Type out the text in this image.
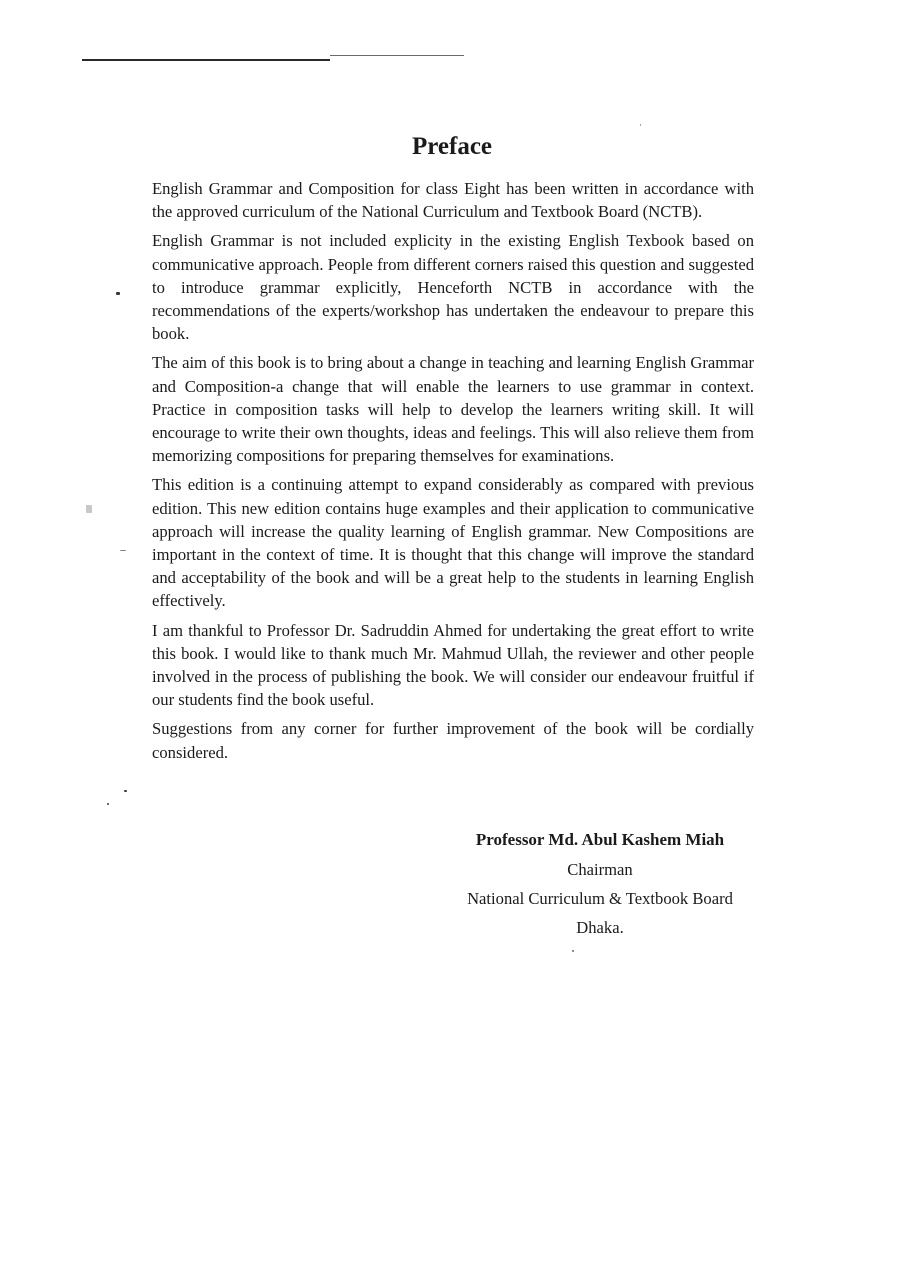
Preface

English Grammar and Composition for class Eight has been written in accordance with the approved curriculum of the National Curriculum and Textbook Board (NCTB).

English Grammar is not included explicity in the existing English Texbook based on communicative approach. People from different corners raised this question and suggested to introduce grammar explicitly, Henceforth NCTB in accordance with the recommendations of the experts/workshop has undertaken the endeavour to prepare this book.

The aim of this book is to bring about a change in teaching and learning English Grammar and Composition-a change that will enable the learners to use grammar in context. Practice in composition tasks will help to develop the learners writing skill. It will encourage to write their own thoughts, ideas and feelings. This will also relieve them from memorizing compositions for preparing themselves for examinations.

This edition is a continuing attempt to expand considerably as compared with previous edition. This new edition contains huge examples and their application to communicative approach will increase the quality learning of English grammar. New Compositions are important in the context of time. It is thought that this change will improve the standard and acceptability of the book and will be a great help to the students in learning English effectively.

I am thankful to Professor Dr. Sadruddin Ahmed for undertaking the great effort to write this book. I would like to thank much Mr. Mahmud Ullah, the reviewer and other people involved in the process of publishing the book. We will consider our endeavour fruitful if our students find the book useful.

Suggestions from any corner for further improvement of the book will be cordially considered.

Professor Md. Abul Kashem Miah
Chairman
National Curriculum & Textbook Board
Dhaka.
